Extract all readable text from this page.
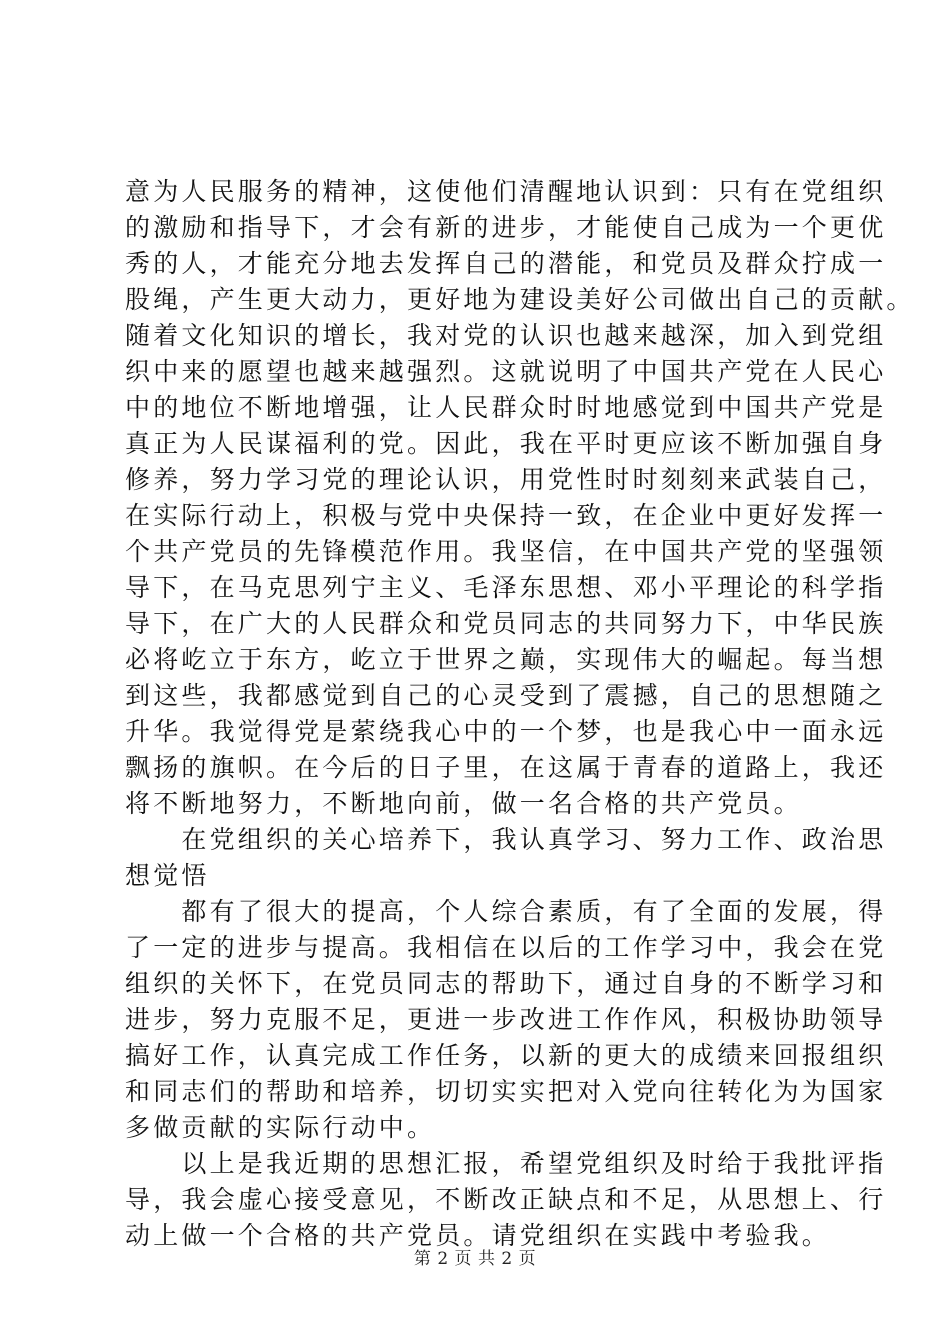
意为人民服务的精神，这使他们清醒地认识到：只有在党组织
的激励和指导下，才会有新的进步，才能使自己成为一个更优
秀的人，才能充分地去发挥自己的潜能，和党员及群众拧成一
股绳，产生更大动力，更好地为建设美好公司做出自己的贡献。
随着文化知识的增长，我对党的认识也越来越深，加入到党组
织中来的愿望也越来越强烈。这就说明了中国共产党在人民心
中的地位不断地增强，让人民群众时时地感觉到中国共产党是
真正为人民谋福利的党。因此，我在平时更应该不断加强自身
修养，努力学习党的理论认识，用党性时时刻刻来武装自己，
在实际行动上，积极与党中央保持一致，在企业中更好发挥一
个共产党员的先锋模范作用。我坚信，在中国共产党的坚强领
导下，在马克思列宁主义、毛泽东思想、邓小平理论的科学指
导下，在广大的人民群众和党员同志的共同努力下，中华民族
必将屹立于东方，屹立于世界之巅，实现伟大的崛起。每当想
到这些，我都感觉到自己的心灵受到了震撼，自己的思想随之
升华。我觉得党是萦绕我心中的一个梦，也是我心中一面永远
飘扬的旗帜。在今后的日子里，在这属于青春的道路上，我还
将不断地努力，不断地向前，做一名合格的共产党员。
　　在党组织的关心培养下，我认真学习、努力工作、政治思
想觉悟
　　都有了很大的提高，个人综合素质，有了全面的发展，得
了一定的进步与提高。我相信在以后的工作学习中，我会在党
组织的关怀下，在党员同志的帮助下，通过自身的不断学习和
进步，努力克服不足，更进一步改进工作作风，积极协助领导
搞好工作，认真完成工作任务，以新的更大的成绩来回报组织
和同志们的帮助和培养，切切实实把对入党向往转化为为国家
多做贡献的实际行动中。
　　以上是我近期的思想汇报，希望党组织及时给于我批评指
导，我会虚心接受意见，不断改正缺点和不足，从思想上、行
动上做一个合格的共产党员。请党组织在实践中考验我。
第 2 页 共 2 页
